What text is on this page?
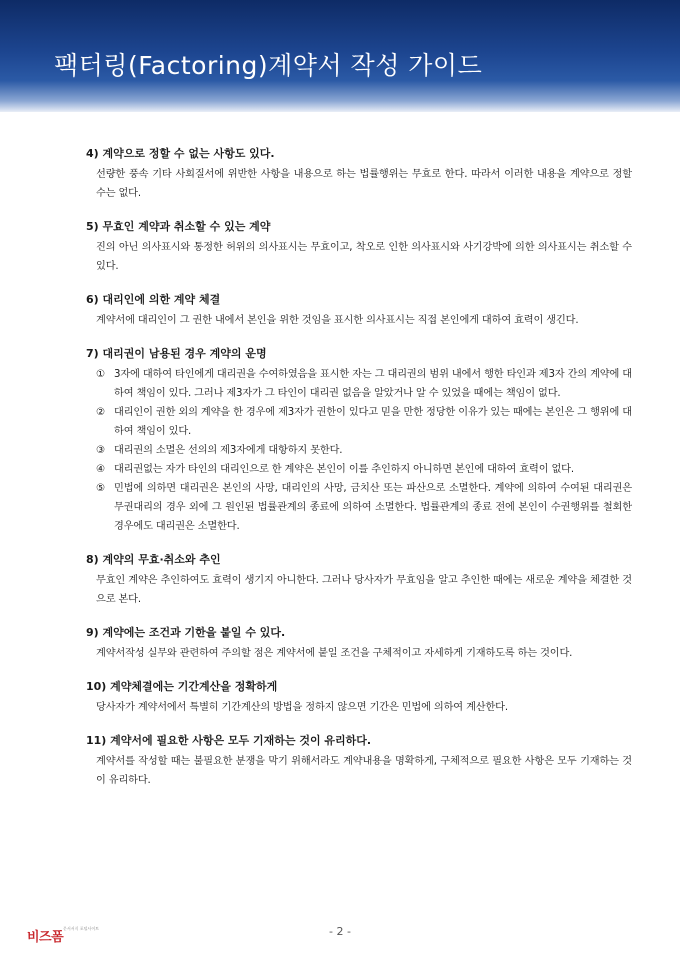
팩터링(Factoring)계약서 작성 가이드
4) 계약으로 정할 수 없는 사항도 있다.
선량한 풍속 기타 사회질서에 위반한 사항을 내용으로 하는 법률행위는 무효로 한다. 따라서 이러한 내용을 계약으로 정할 수는 없다.
5) 무효인 계약과 취소할 수 있는 계약
진의 아닌 의사표시와 통정한 허위의 의사표시는 무효이고, 착오로 인한 의사표시와 사기강박에 의한 의사표시는 취소할 수 있다.
6) 대리인에 의한 계약 체결
계약서에 대리인이 그 권한 내에서 본인을 위한 것임을 표시한 의사표시는 직접 본인에게 대하여 효력이 생긴다.
7) 대리권이 남용된 경우 계약의 운명
① 3자에 대하여 타인에게 대리권을 수여하였음을 표시한 자는 그 대리권의 범위 내에서 행한 타인과 제3자 간의 계약에 대하여 책임이 있다. 그러나 제3자가 그 타인이 대리권 없음을 알았거나 알 수 있었을 때에는 책임이 없다.
② 대리인이 권한 외의 계약을 한 경우에 제3자가 권한이 있다고 믿을 만한 정당한 이유가 있는 때에는 본인은 그 행위에 대하여 책임이 있다.
③ 대리권의 소멸은 선의의 제3자에게 대항하지 못한다.
④ 대리권없는 자가 타인의 대리인으로 한 계약은 본인이 이를 추인하지 아니하면 본인에 대하여 효력이 없다.
⑤ 민법에 의하면 대리권은 본인의 사망, 대리인의 사망, 금치산 또는 파산으로 소멸한다. 계약에 의하여 수여된 대리권은 무권대리의 경우 외에 그 원인된 법률관계의 종료에 의하여 소멸한다. 법률관계의 종료 전에 본인이 수권행위를 철회한 경우에도 대리권은 소멸한다.
8) 계약의 무효·취소와 추인
무효인 계약은 추인하여도 효력이 생기지 아니한다. 그러나 당사자가 무효임을 알고 추인한 때에는 새로운 계약을 체결한 것으로 본다.
9) 계약에는 조건과 기한을 붙일 수 있다.
계약서작성 실무와 관련하여 주의할 점은 계약서에 붙일 조건을 구체적이고 자세하게 기재하도록 하는 것이다.
10) 계약체결에는 기간계산을 정확하게
당사자가 계약서에서 특별히 기간계산의 방법을 정하지 않으면 기간은 민법에 의하여 계산한다.
11) 계약서에 필요한 사항은 모두 기재하는 것이 유리하다.
계약서를 작성할 때는 불필요한 분쟁을 막기 위해서라도 계약내용을 명확하게, 구체적으로 필요한 사항은 모두 기재하는 것이 유리하다.
비즈폼
문서서식 포털사이트	- 2 -
